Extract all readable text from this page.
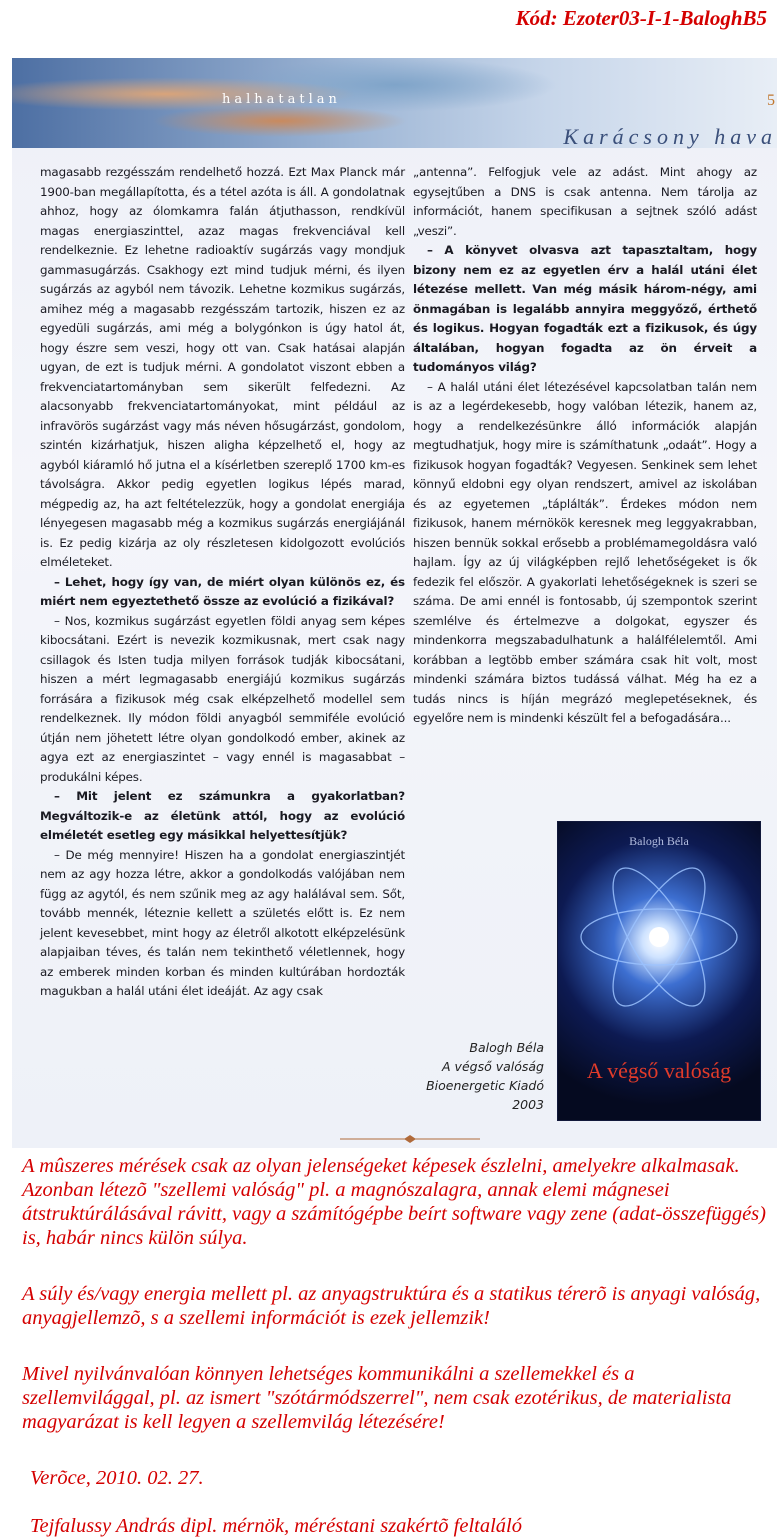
Kód: Ezoter03-I-1-BaloghB5
halhatatlan	5
Karácsony hava

magasabb rezgésszám rendelhető hozzá. Ezt Max Planck már 1900-ban megállapította, és a tétel azóta is áll. A gondolatnak ahhoz, hogy az ólomkamra falán átjuthasson, rendkívül magas energiaszinttel, azaz magas frekvenciával kell rendelkeznie. Ez lehetne radioaktív sugárzás vagy mondjuk gammasugárzás. Csakhogy ezt mind tudjuk mérni, és ilyen sugárzás az agyból nem távozik. Lehetne kozmikus sugárzás, amihez még a magasabb rezgésszám tartozik, hiszen ez az egyedüli sugárzás, ami még a bolygónkon is úgy hatol át, hogy észre sem veszi, hogy ott van. Csak hatásai alapján ugyan, de ezt is tudjuk mérni. A gondolatot viszont ebben a frekvenciatartományban sem sikerült felfedezni. Az alacsonyabb frekvenciatartományokat, mint például az infravörös sugárzást vagy más néven hősugárzást, gondolom, szintén kizárhatjuk, hiszen aligha képzelhető el, hogy az agyból kiáramló hő jutna el a kísérletben szereplő 1700 km-es távolságra. Akkor pedig egyetlen logikus lépés marad, mégpedig az, ha azt feltételezzük, hogy a gondolat energiája lényegesen magasabb még a kozmikus sugárzás energiájánál is. Ez pedig kizárja az oly részletesen kidolgozott evolúciós elméleteket.

– Lehet, hogy így van, de miért olyan különös ez, és miért nem egyeztethető össze az evolúció a fizikával?

– Nos, kozmikus sugárzást egyetlen földi anyag sem képes kibocsátani. Ezért is nevezik kozmikusnak, mert csak nagy csillagok és Isten tudja milyen források tudják kibocsátani, hiszen a mért legmagasabb energiájú kozmikus sugárzás forrására a fizikusok még csak elképzelhető modellel sem rendelkeznek. Ily módon földi anyagból semmiféle evolúció útján nem jöhetett létre olyan gondolkodó ember, akinek az agya ezt az energiaszintet – vagy ennél is magasabbat – produkálni képes.

– Mit jelent ez számunkra a gyakorlatban? Megváltozik-e az életünk attól, hogy az evolúció elméletét esetleg egy másikkal helyettesítjük?

– De még mennyire! Hiszen ha a gondolat energiaszintjét nem az agy hozza létre, akkor a gondolkodás valójában nem függ az agytól, és nem szűnik meg az agy halálával sem. Sőt, tovább mennék, léteznie kellett a születés előtt is. Ez nem jelent kevesebbet, mint hogy az életről alkotott elképzelésünk alapjaiban téves, és talán nem tekinthető véletlennek, hogy az emberek minden korban és minden kultúrában hordozták magukban a halál utáni élet ideáját. Az agy csak

„antenna”. Felfogjuk vele az adást. Mint ahogy az egysejtűben a DNS is csak antenna. Nem tárolja az információt, hanem specifikusan a sejtnek szóló adást „veszi”.

– A könyvet olvasva azt tapasztaltam, hogy bizony nem ez az egyetlen érv a halál utáni élet létezése mellett. Van még másik három-négy, ami önmagában is legalább annyira meggyőző, érthető és logikus. Hogyan fogadták ezt a fizikusok, és úgy általában, hogyan fogadta az ön érveit a tudományos világ?

– A halál utáni élet létezésével kapcsolatban talán nem is az a legérdekesebb, hogy valóban létezik, hanem az, hogy a rendelkezésünkre álló információk alapján megtudhatjuk, hogy mire is számíthatunk „odaát”. Hogy a fizikusok hogyan fogadták? Vegyesen. Senkinek sem lehet könnyű eldobni egy olyan rendszert, amivel az iskolában és az egyetemen „táplálták”. Érdekes módon nem fizikusok, hanem mérnökök keresnek meg leggyakrabban, hiszen bennük sokkal erősebb a problémamegoldásra való hajlam. Így az új világképben rejlő lehetőségeket is ők fedezik fel először. A gyakorlati lehetőségeknek is szeri se száma. De ami ennél is fontosabb, új szempontok szerint szemlélve és értelmezve a dolgokat, egyszer és mindenkorra megszabadulhatunk a halálfélelemtől. Ami korábban a legtöbb ember számára csak hit volt, most mindenki számára biztos tudássá válhat. Még ha ez a tudás nincs is híján megrázó meglepetéseknek, és egyelőre nem is mindenki készült fel a befogadására...

Balogh Béla
A végső valóság
Bioenergetic Kiadó
2003
Balogh Béla
A végső valóság
A mûszeres mérések csak az olyan jelenségeket képesek észlelni, amelyekre alkalmasak. Azonban létezõ "szellemi valóság" pl. a magnószalagra, annak elemi mágnesei átstruktúrálásával rávitt, vagy a számítógépbe beírt software vagy zene (adat-összefüggés) is, habár nincs külön súlya.
A súly és/vagy energia mellett pl. az anyagstruktúra és a statikus térerõ is anyagi valóság, anyagjellemzõ, s a szellemi információt is ezek jellemzik!
Mivel nyilvánvalóan könnyen lehetséges kommunikálni a szellemekkel és a szellemvilággal, pl. az ismert "szótármódszerrel", nem csak ezotérikus, de materialista magyarázat is kell legyen a szellemvilág létezésére!
Verõce, 2010. 02. 27.
Tejfalussy András dipl. mérnök, méréstani szakértõ feltaláló
